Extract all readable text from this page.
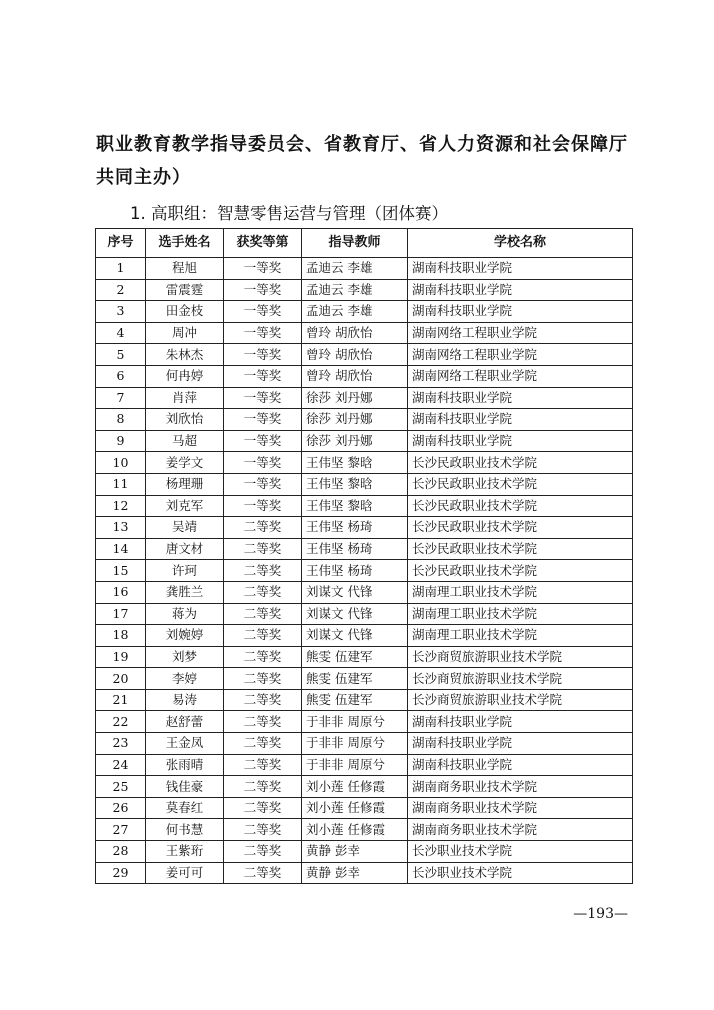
职业教育教学指导委员会、省教育厅、省人力资源和社会保障厅
共同主办）
1. 高职组：智慧零售运营与管理（团体赛）
序号	选手姓名	获奖等第	指导教师	学校名称
1	程旭	一等奖	孟迪云 李雄	湖南科技职业学院
2	雷震霆	一等奖	孟迪云 李雄	湖南科技职业学院
3	田金枝	一等奖	孟迪云 李雄	湖南科技职业学院
4	周冲	一等奖	曾玲 胡欣怡	湖南网络工程职业学院
5	朱林杰	一等奖	曾玲 胡欣怡	湖南网络工程职业学院
6	何冉婷	一等奖	曾玲 胡欣怡	湖南网络工程职业学院
7	肖萍	一等奖	徐莎 刘丹娜	湖南科技职业学院
8	刘欣怡	一等奖	徐莎 刘丹娜	湖南科技职业学院
9	马超	一等奖	徐莎 刘丹娜	湖南科技职业学院
10	姜学文	一等奖	王伟坚 黎晗	长沙民政职业技术学院
11	杨理珊	一等奖	王伟坚 黎晗	长沙民政职业技术学院
12	刘克军	一等奖	王伟坚 黎晗	长沙民政职业技术学院
13	吴靖	二等奖	王伟坚 杨琦	长沙民政职业技术学院
14	唐文材	二等奖	王伟坚 杨琦	长沙民政职业技术学院
15	许珂	二等奖	王伟坚 杨琦	长沙民政职业技术学院
16	龚胜兰	二等奖	刘谋文 代锋	湖南理工职业技术学院
17	蒋为	二等奖	刘谋文 代锋	湖南理工职业技术学院
18	刘婉婷	二等奖	刘谋文 代锋	湖南理工职业技术学院
19	刘梦	二等奖	熊雯 伍建军	长沙商贸旅游职业技术学院
20	李婷	二等奖	熊雯 伍建军	长沙商贸旅游职业技术学院
21	易涛	二等奖	熊雯 伍建军	长沙商贸旅游职业技术学院
22	赵舒蕾	二等奖	于非非 周原兮	湖南科技职业学院
23	王金凤	二等奖	于非非 周原兮	湖南科技职业学院
24	张雨晴	二等奖	于非非 周原兮	湖南科技职业学院
25	钱佳豪	二等奖	刘小莲 任修霞	湖南商务职业技术学院
26	莫春红	二等奖	刘小莲 任修霞	湖南商务职业技术学院
27	何书慧	二等奖	刘小莲 任修霞	湖南商务职业技术学院
28	王紫珩	二等奖	黄静 彭幸	长沙职业技术学院
29	姜可可	二等奖	黄静 彭幸	长沙职业技术学院
—193—
